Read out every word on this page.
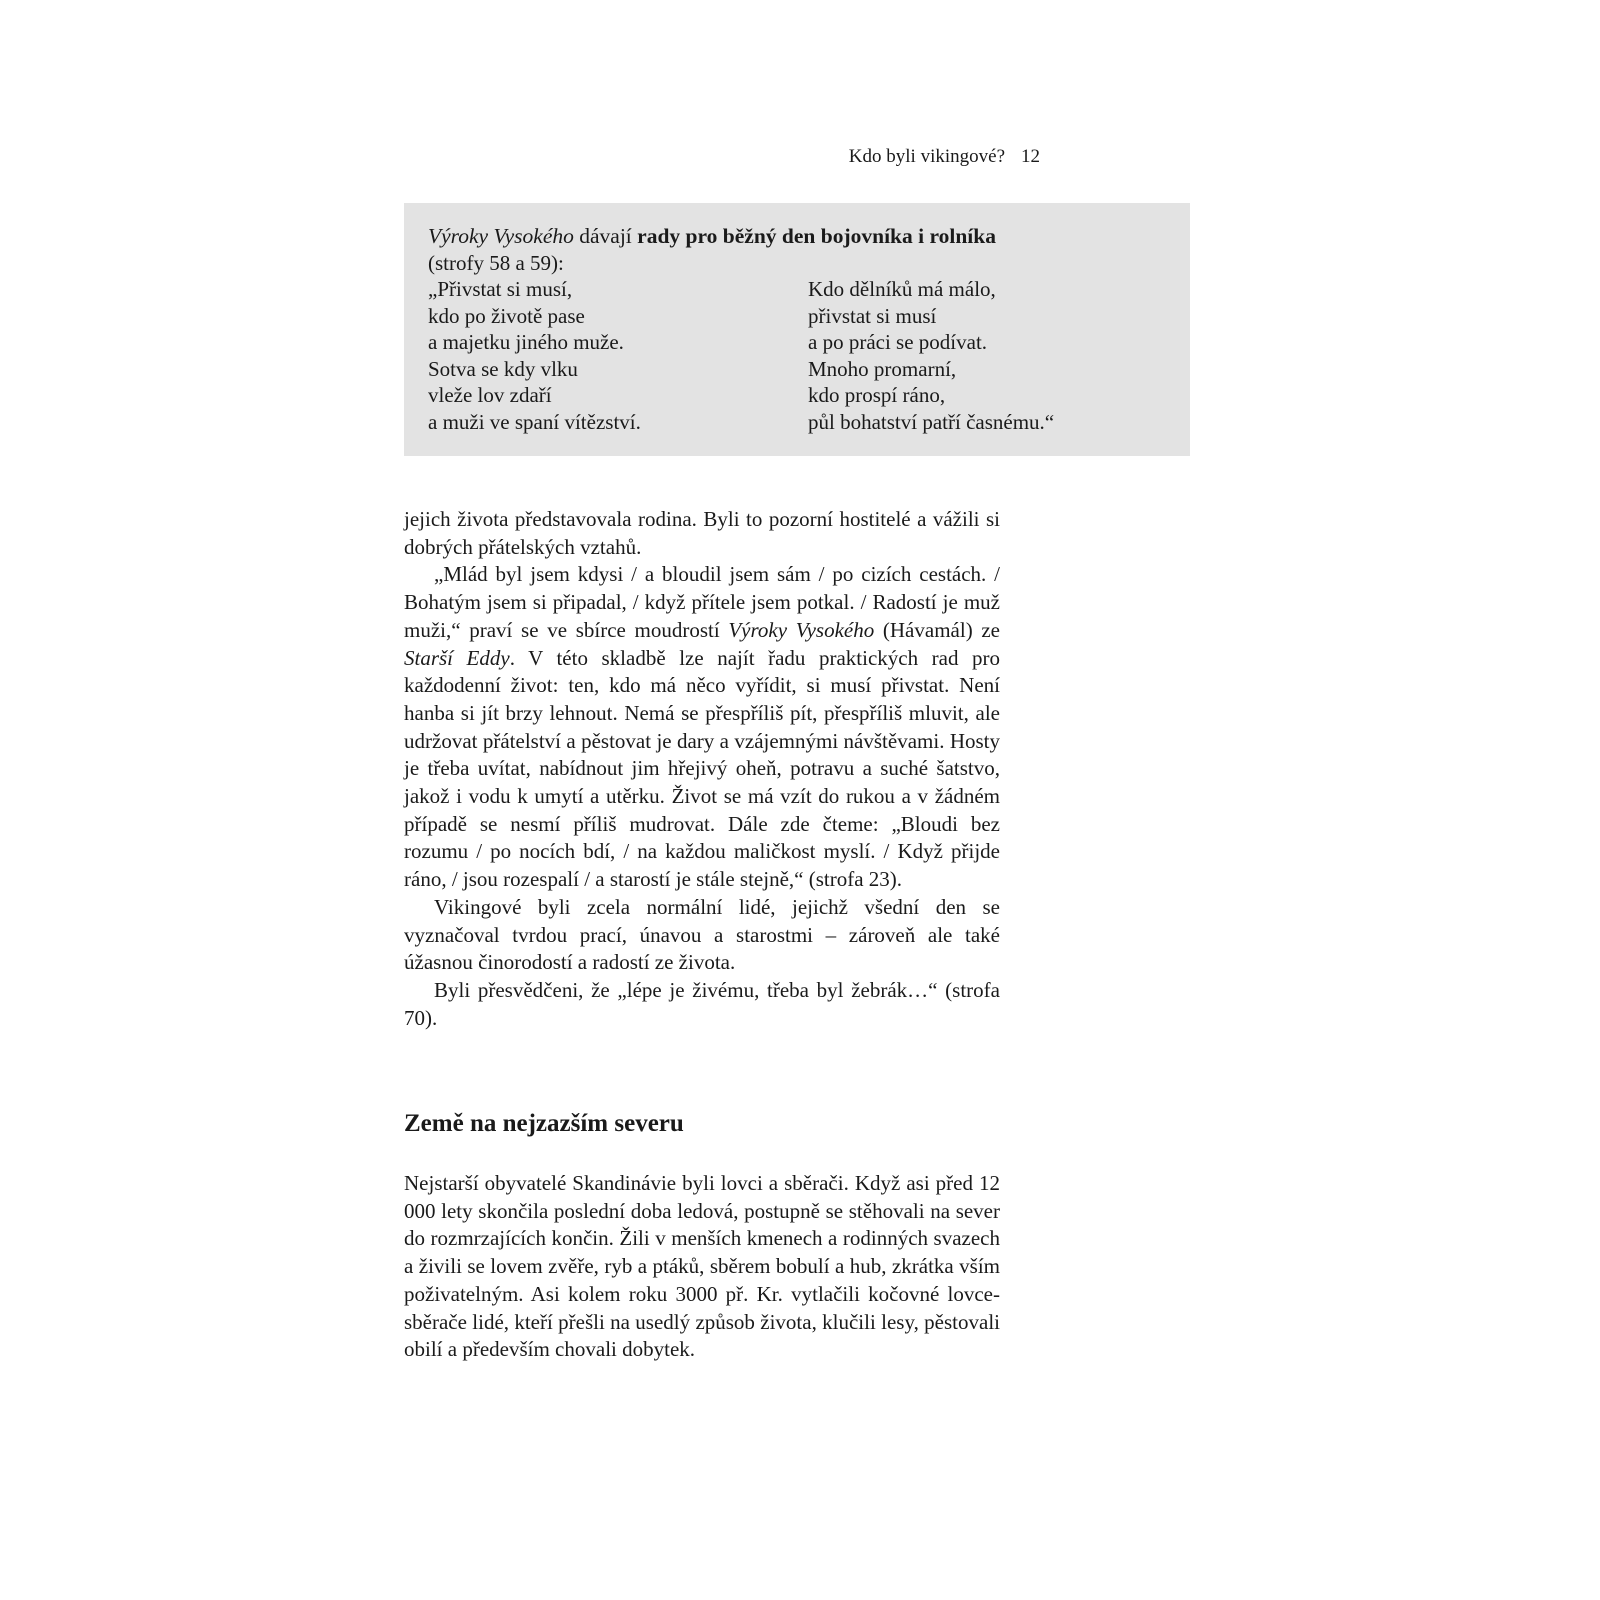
Kdo byli vikingové? 12
Výroky Vysokého dávají rady pro běžný den bojovníka i rolníka
(strofy 58 a 59):
„Přivstat si musí,
kdo po životě pase
a majetku jiného muže.
Sotva se kdy vlku
vleže lov zdaří
a muži ve spaní vítězství.
Kdo dělníků má málo,
přivstat si musí
a po práci se podívat.
Mnoho promarní,
kdo prospí ráno,
půl bohatství patří časnému.“

jejich života představovala rodina. Byli to pozorní hostitelé a vážili si dobrých přátelských vztahů.

„Mlád byl jsem kdysi / a bloudil jsem sám / po cizích cestách. / Bohatým jsem si připadal, / když přítele jsem potkal. / Radostí je muž muži,“ praví se ve sbírce moudrostí Výroky Vysokého (Hávamál) ze Starší Eddy. V této skladbě lze najít řadu praktických rad pro každodenní život: ten, kdo má něco vyřídit, si musí přivstat. Není hanba si jít brzy lehnout. Nemá se přespříliš pít, přespříliš mluvit, ale udržovat přátelství a pěstovat je dary a vzájemnými návštěvami. Hosty je třeba uvítat, nabídnout jim hřejivý oheň, potravu a suché šatstvo, jakož i vodu k umytí a utěrku. Život se má vzít do rukou a v žádném případě se nesmí příliš mudrovat. Dále zde čteme: „Bloudi bez rozumu / po nocích bdí, / na každou maličkost myslí. / Když přijde ráno, / jsou rozespalí / a starostí je stále stejně,“ (strofa 23).

Vikingové byli zcela normální lidé, jejichž všední den se vyznačoval tvrdou prací, únavou a starostmi – zároveň ale také úžasnou činorodostí a radostí ze života.

Byli přesvědčeni, že „lépe je živému, třeba byl žebrák…“ (strofa 70).

Země na nejzazším severu

Nejstarší obyvatelé Skandinávie byli lovci a sběrači. Když asi před 12 000 lety skončila poslední doba ledová, postupně se stěhovali na sever do rozmrzajících končin. Žili v menších kmenech a rodinných svazech a živili se lovem zvěře, ryb a ptáků, sběrem bobulí a hub, zkrátka vším poživatelným. Asi kolem roku 3000 př. Kr. vytlačili kočovné lovce-sběrače lidé, kteří přešli na usedlý způsob života, klučili lesy, pěstovali obilí a především chovali dobytek.
